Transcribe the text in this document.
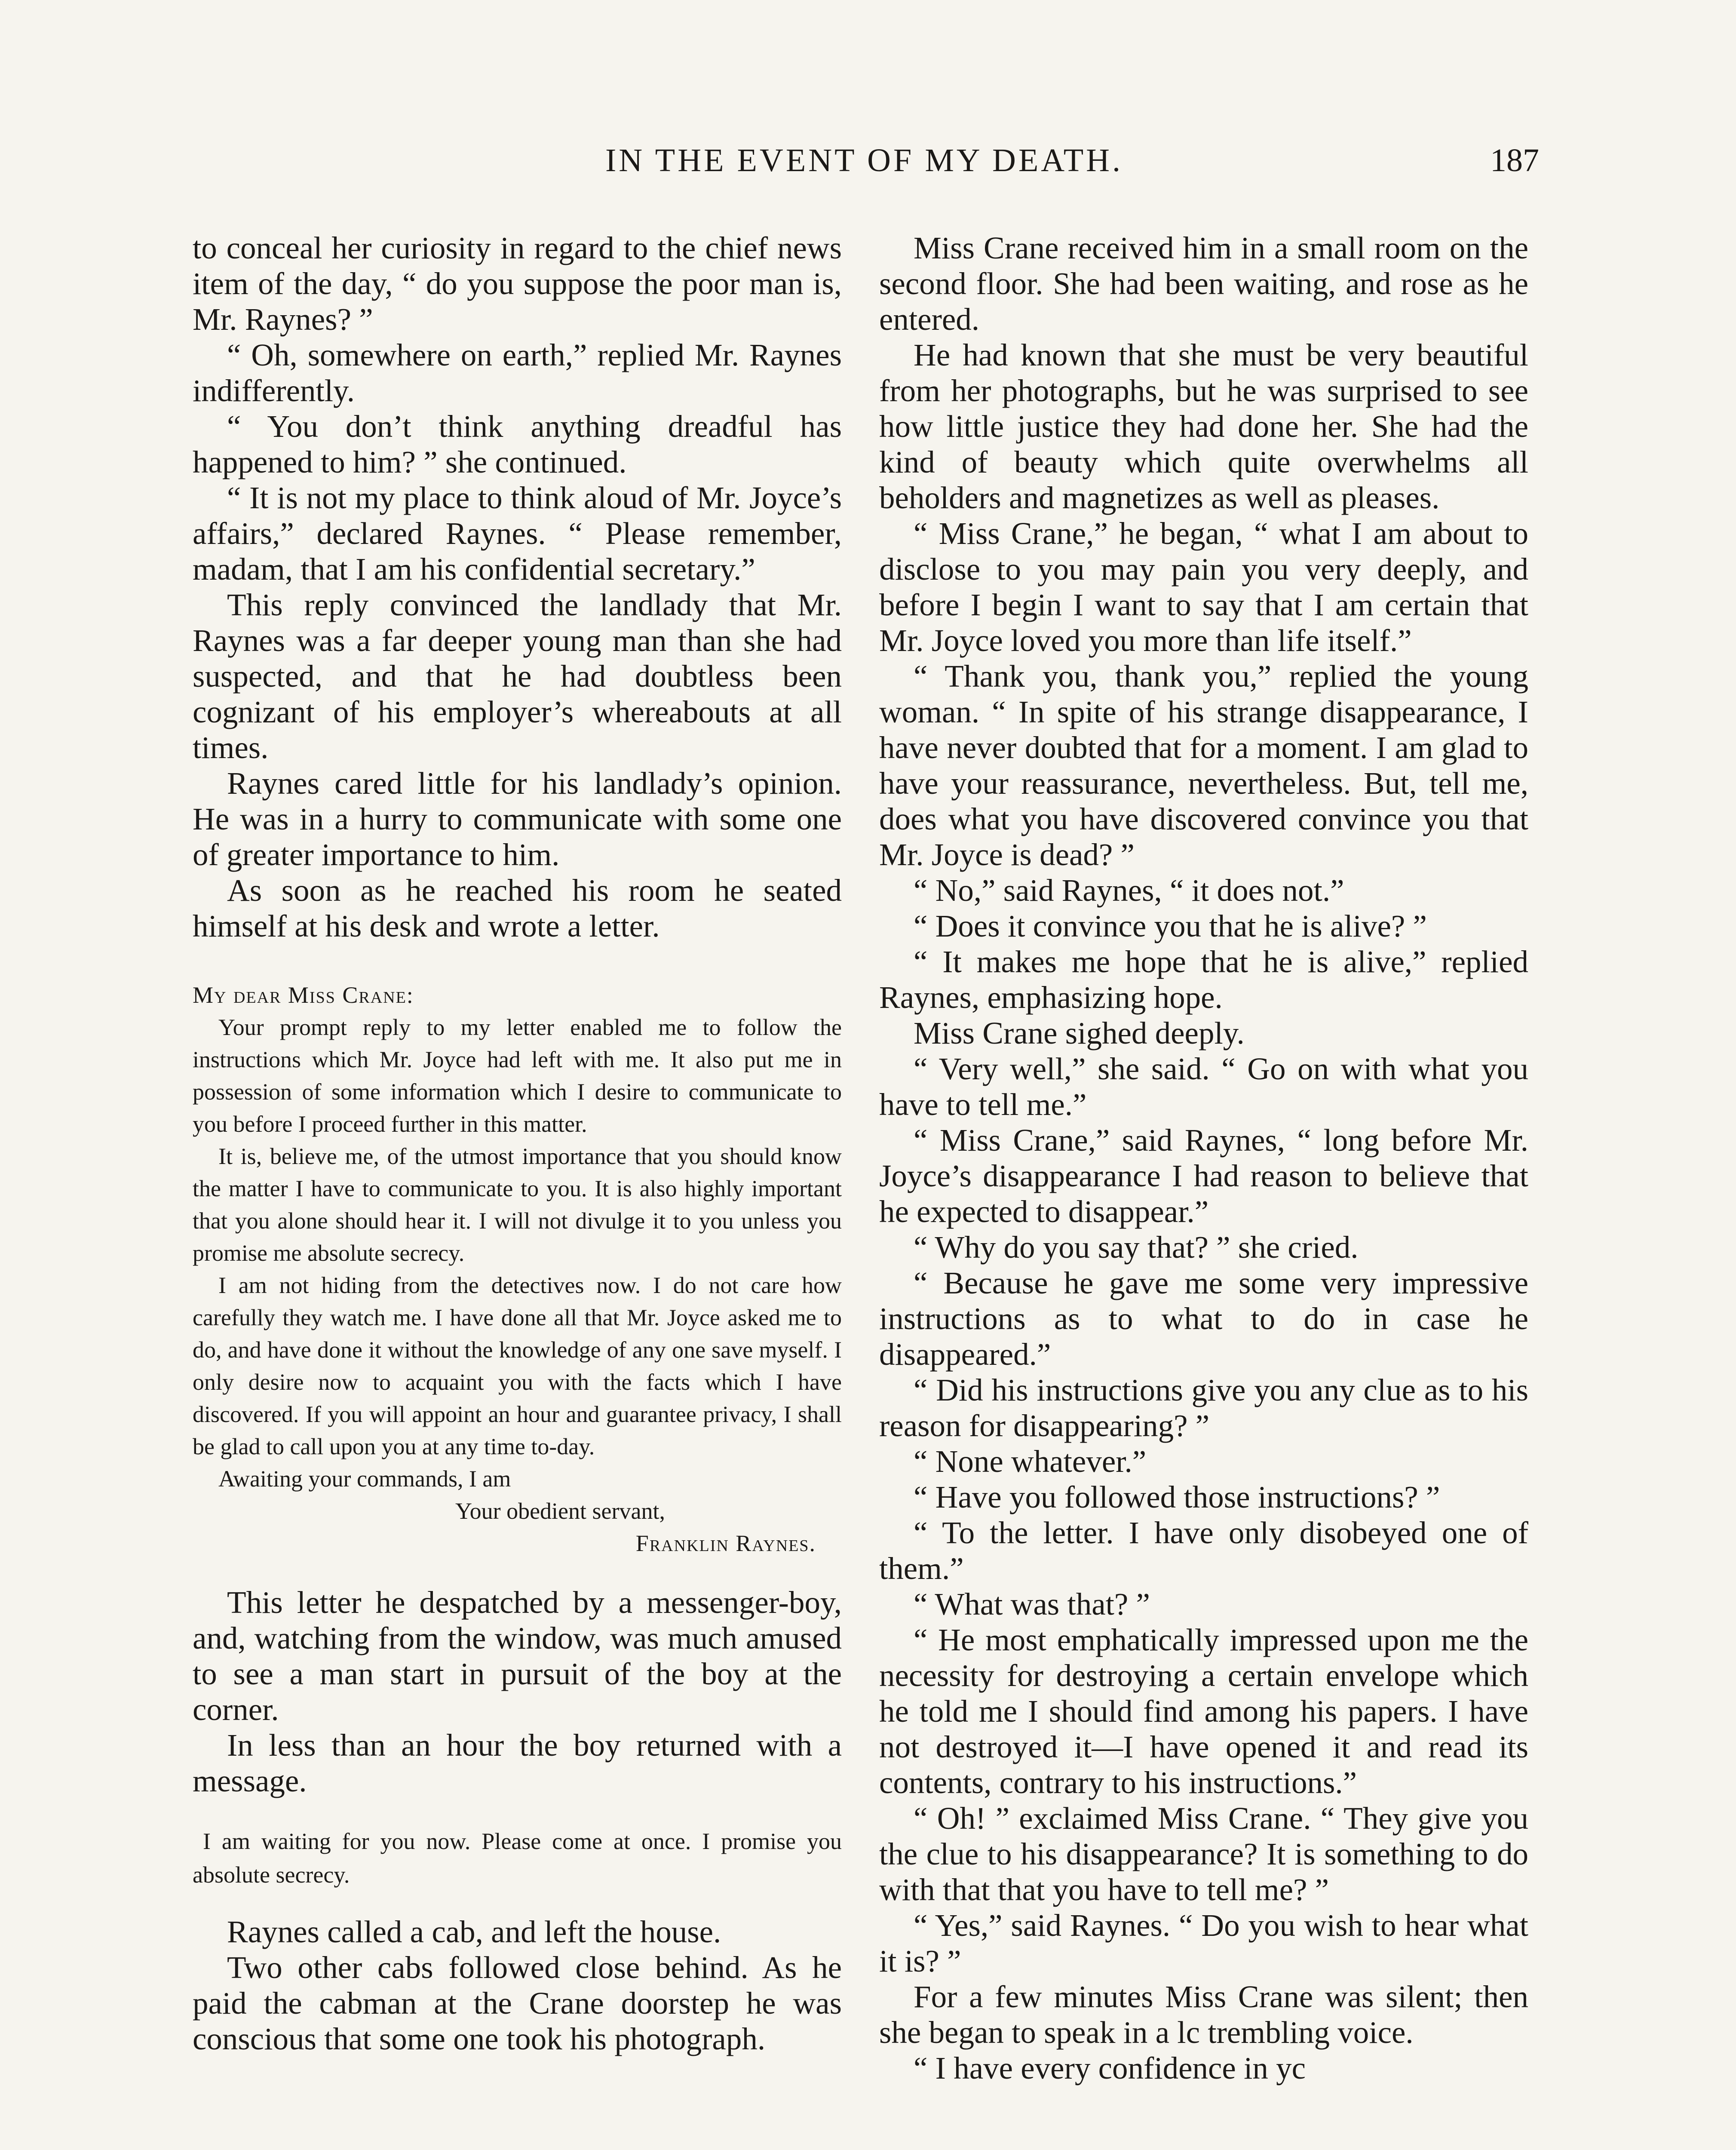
IN THE EVENT OF MY DEATH.	187

to conceal her curiosity in regard to the chief news item of the day, “ do you suppose the poor man is, Mr. Raynes? ”

“ Oh, somewhere on earth,” replied Mr. Raynes indifferently.

“ You don’t think anything dreadful has happened to him? ” she continued.

“ It is not my place to think aloud of Mr. Joyce’s affairs,” declared Raynes. “ Please remember, madam, that I am his confidential secretary.”

This reply convinced the landlady that Mr. Raynes was a far deeper young man than she had suspected, and that he had doubtless been cognizant of his employer’s whereabouts at all times.

Raynes cared little for his landlady’s opinion. He was in a hurry to communicate with some one of greater importance to him.

As soon as he reached his room he seated himself at his desk and wrote a letter.

My dear Miss Crane:

Your prompt reply to my letter enabled me to follow the instructions which Mr. Joyce had left with me. It also put me in possession of some information which I desire to communicate to you before I proceed further in this matter.

It is, believe me, of the utmost importance that you should know the matter I have to communicate to you. It is also highly important that you alone should hear it. I will not divulge it to you unless you promise me absolute secrecy.

I am not hiding from the detectives now. I do not care how carefully they watch me. I have done all that Mr. Joyce asked me to do, and have done it without the knowledge of any one save myself. I only desire now to acquaint you with the facts which I have discovered. If you will appoint an hour and guarantee privacy, I shall be glad to call upon you at any time to-day.

Awaiting your commands, I am

Your obedient servant,

Franklin Raynes.

This letter he despatched by a messenger-boy, and, watching from the window, was much amused to see a man start in pursuit of the boy at the corner.

In less than an hour the boy returned with a message.

I am waiting for you now. Please come at once. I promise you absolute secrecy.

Raynes called a cab, and left the house.

Two other cabs followed close behind. As he paid the cabman at the Crane doorstep he was conscious that some one took his photograph.

Miss Crane received him in a small room on the second floor. She had been waiting, and rose as he entered.

He had known that she must be very beautiful from her photographs, but he was surprised to see how little justice they had done her. She had the kind of beauty which quite overwhelms all beholders and magnetizes as well as pleases.

“ Miss Crane,” he began, “ what I am about to disclose to you may pain you very deeply, and before I begin I want to say that I am certain that Mr. Joyce loved you more than life itself.”

“ Thank you, thank you,” replied the young woman. “ In spite of his strange disappearance, I have never doubted that for a moment. I am glad to have your reassurance, nevertheless. But, tell me, does what you have discovered convince you that Mr. Joyce is dead? ”

“ No,” said Raynes, “ it does not.”

“ Does it convince you that he is alive? ”

“ It makes me hope that he is alive,” replied Raynes, emphasizing hope.

Miss Crane sighed deeply.

“ Very well,” she said. “ Go on with what you have to tell me.”

“ Miss Crane,” said Raynes, “ long before Mr. Joyce’s disappearance I had reason to believe that he expected to disappear.”

“ Why do you say that? ” she cried.

“ Because he gave me some very impressive instructions as to what to do in case he disappeared.”

“ Did his instructions give you any clue as to his reason for disappearing? ”

“ None whatever.”

“ Have you followed those instructions? ”

“ To the letter. I have only disobeyed one of them.”

“ What was that? ”

“ He most emphatically impressed upon me the necessity for destroying a certain envelope which he told me I should find among his papers. I have not destroyed it—I have opened it and read its contents, contrary to his instructions.”

“ Oh! ” exclaimed Miss Crane. “ They give you the clue to his disappearance? It is something to do with that that you have to tell me? ”

“ Yes,” said Raynes. “ Do you wish to hear what it is? ”

For a few minutes Miss Crane was silent; then she began to speak in a lc trembling voice.

“ I have every confidence in yc
